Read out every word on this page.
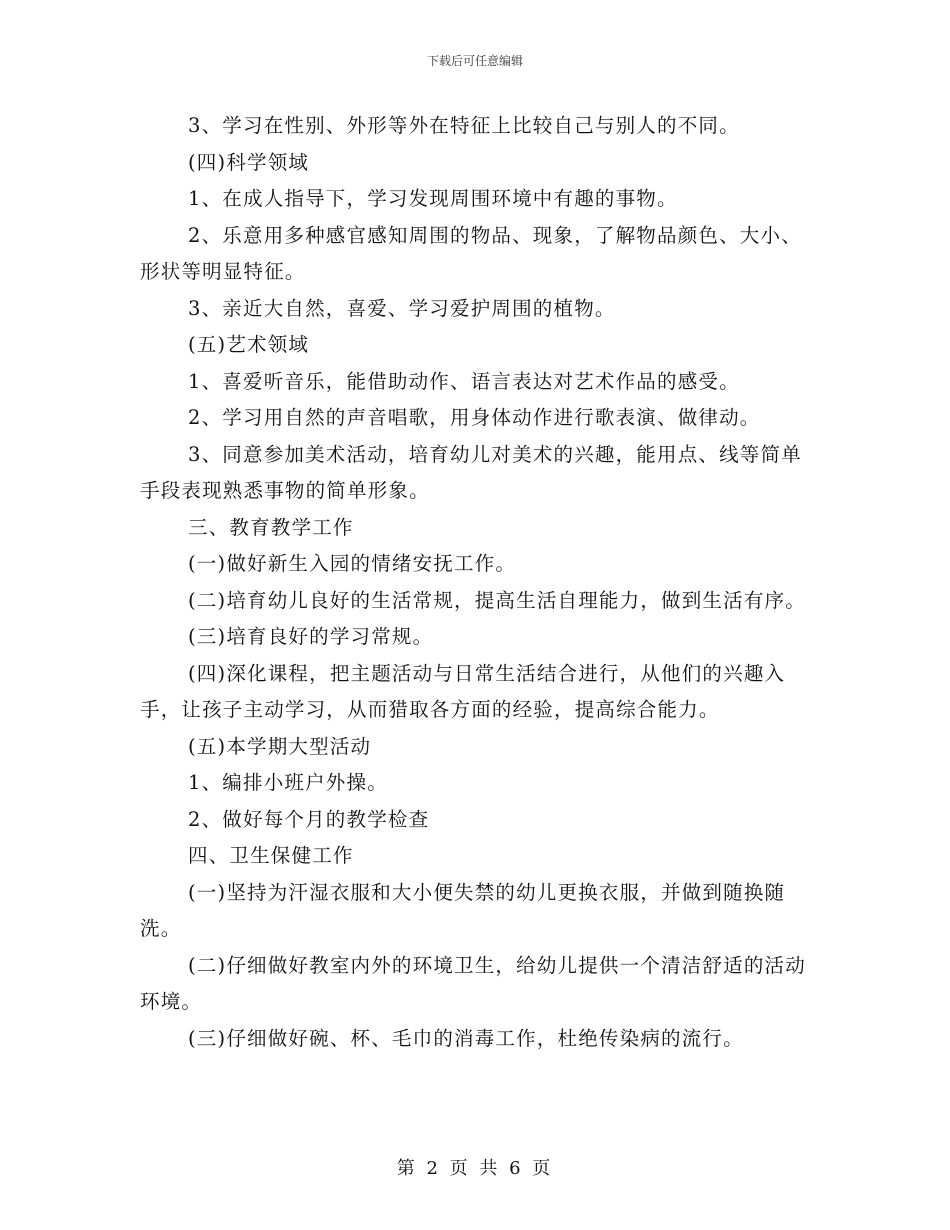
下载后可任意编辑

3、学习在性别、外形等外在特征上比较自己与别人的不同。

(四)科学领域

1、在成人指导下，学习发现周围环境中有趣的事物。

2、乐意用多种感官感知周围的物品、现象，了解物品颜色、大小、形状等明显特征。

3、亲近大自然，喜爱、学习爱护周围的植物。

(五)艺术领域

1、喜爱听音乐，能借助动作、语言表达对艺术作品的感受。

2、学习用自然的声音唱歌，用身体动作进行歌表演、做律动。

3、同意参加美术活动，培育幼儿对美术的兴趣，能用点、线等简单手段表现熟悉事物的简单形象。

三、教育教学工作

(一)做好新生入园的情绪安抚工作。

(二)培育幼儿良好的生活常规，提高生活自理能力，做到生活有序。

(三)培育良好的学习常规。

(四)深化课程，把主题活动与日常生活结合进行，从他们的兴趣入手，让孩子主动学习，从而猎取各方面的经验，提高综合能力。

(五)本学期大型活动

1、编排小班户外操。

2、做好每个月的教学检查

四、卫生保健工作

(一)坚持为汗湿衣服和大小便失禁的幼儿更换衣服，并做到随换随洗。

(二)仔细做好教室内外的环境卫生，给幼儿提供一个清洁舒适的活动环境。

(三)仔细做好碗、杯、毛巾的消毒工作，杜绝传染病的流行。

第 2 页 共 6 页
